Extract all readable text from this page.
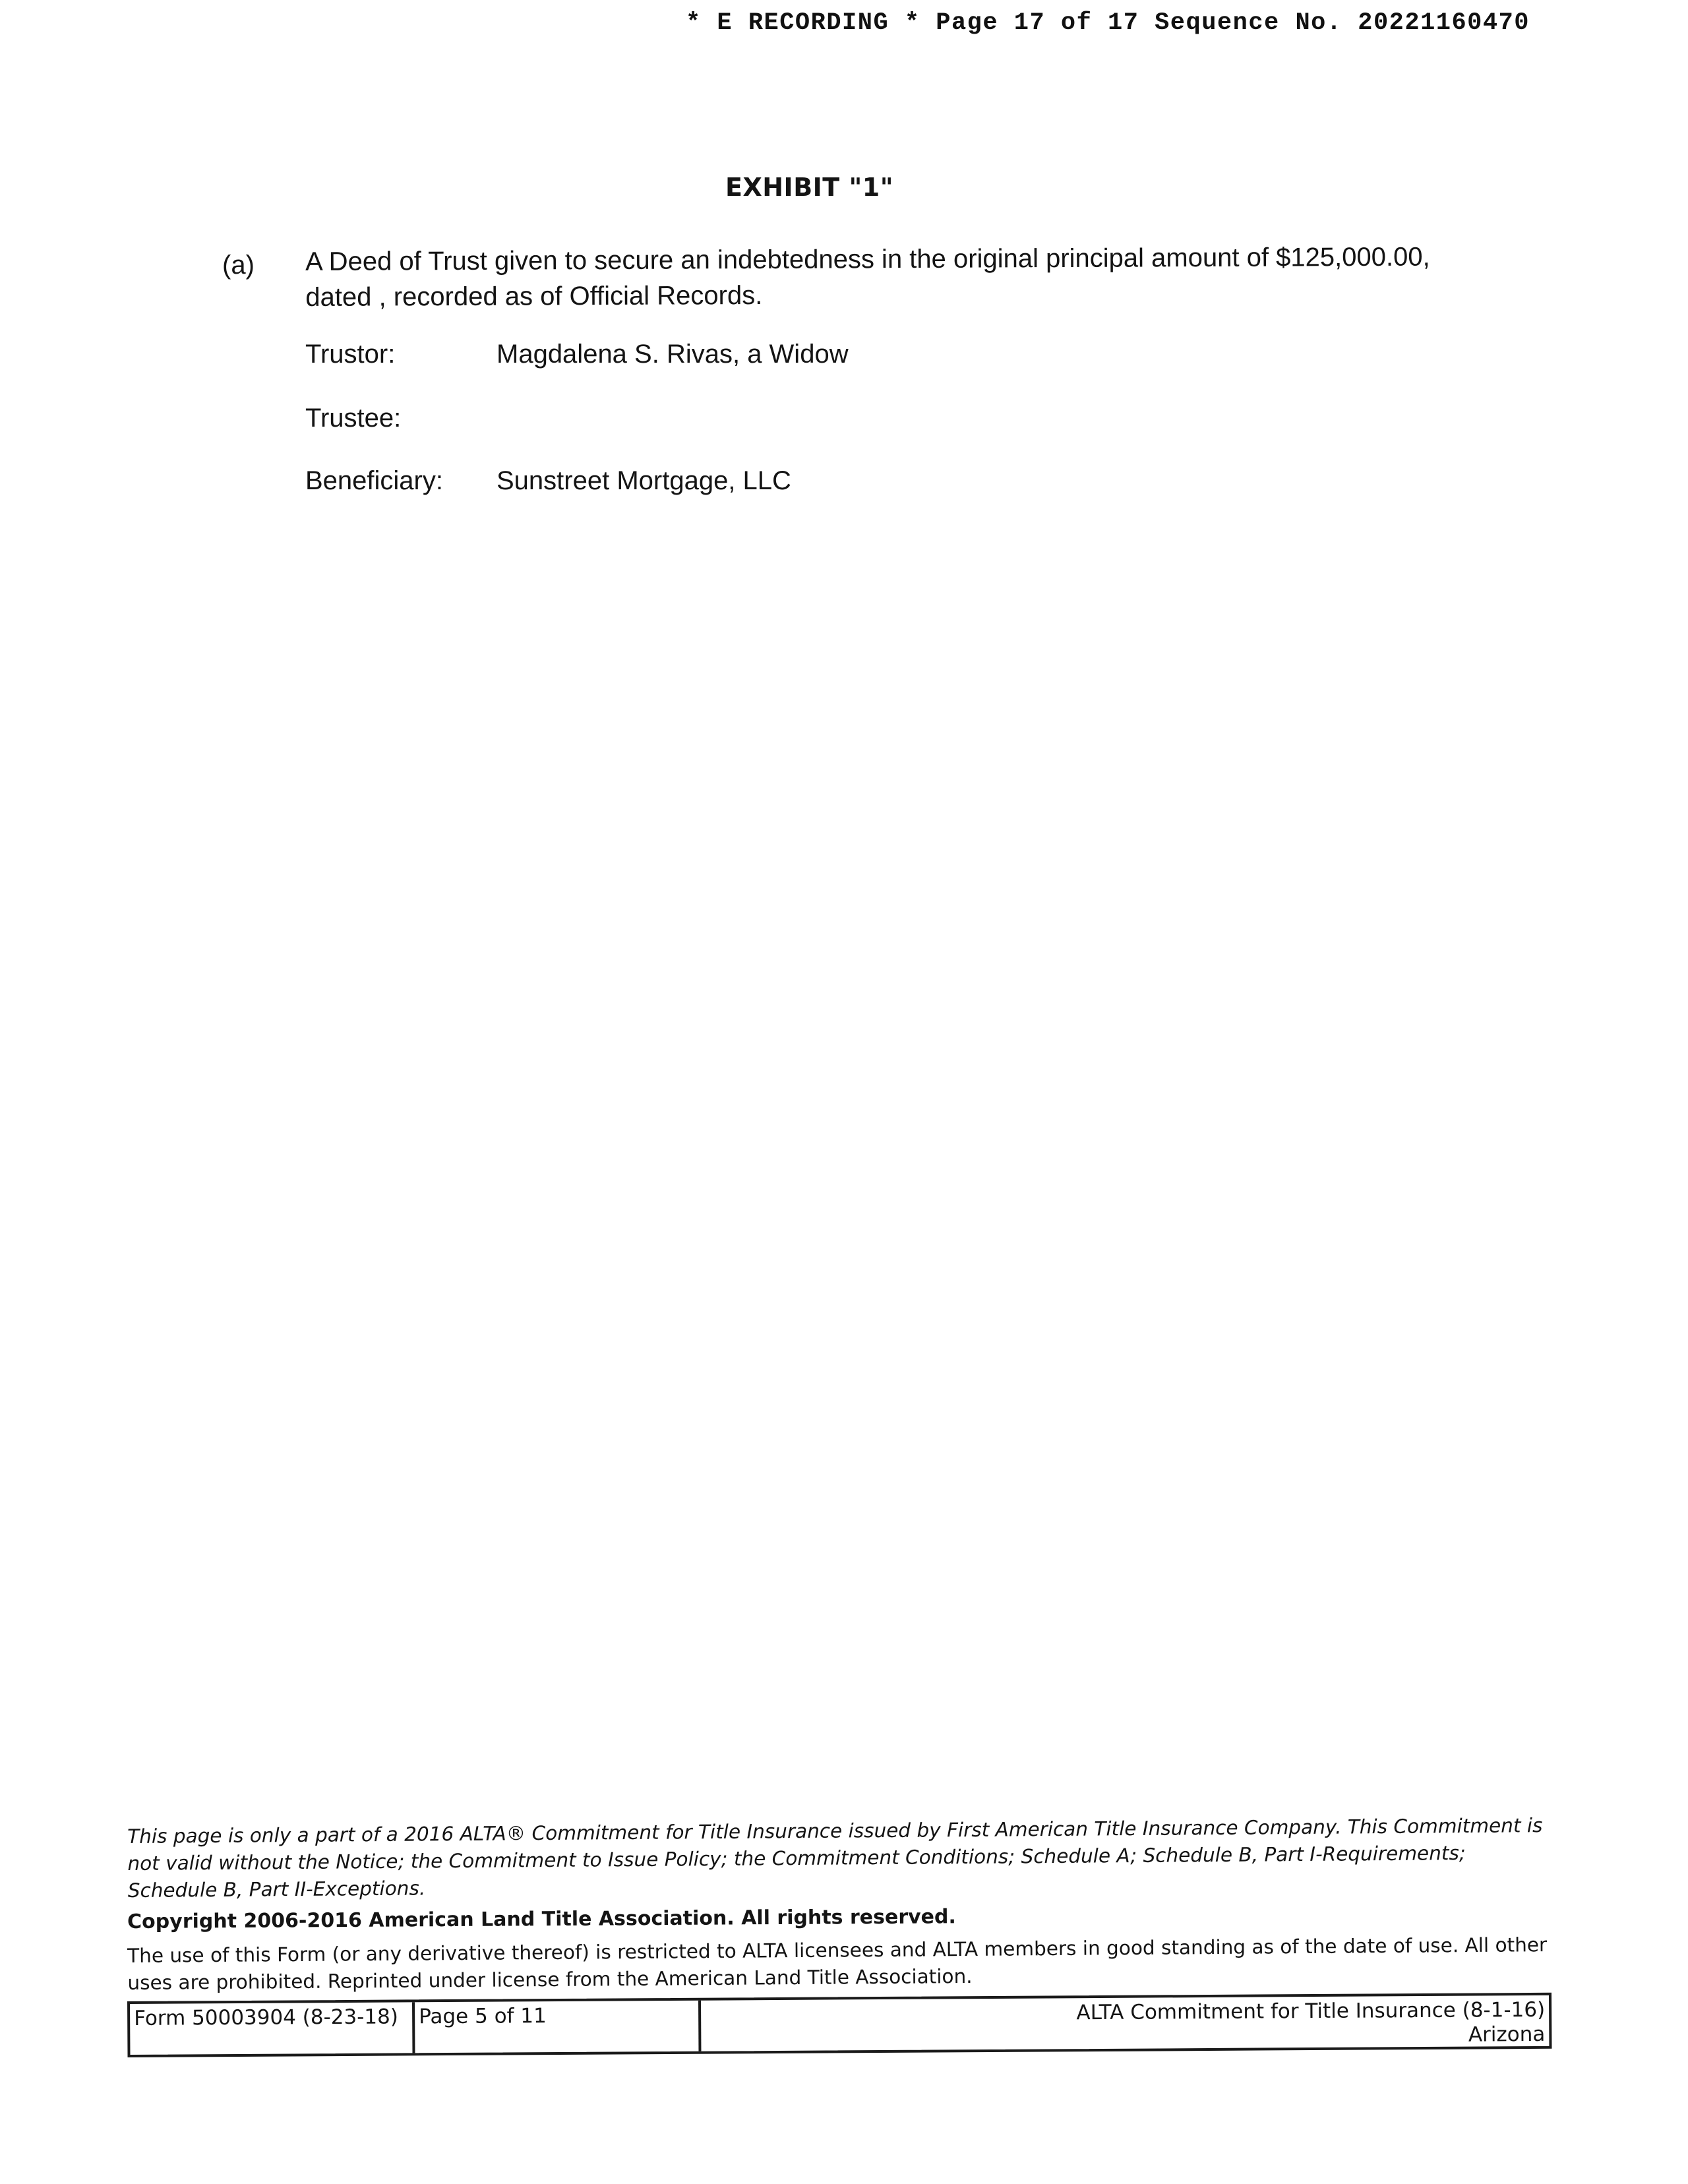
* E RECORDING * Page 17 of 17 Sequence No. 20221160470
EXHIBIT "1"
(a) A Deed of Trust given to secure an indebtedness in the original principal amount of $125,000.00, dated , recorded as of Official Records.
Trustor:	Magdalena S. Rivas, a Widow
Trustee:
Beneficiary:	Sunstreet Mortgage, LLC
This page is only a part of a 2016 ALTA® Commitment for Title Insurance issued by First American Title Insurance Company. This Commitment is not valid without the Notice; the Commitment to Issue Policy; the Commitment Conditions; Schedule A; Schedule B, Part I-Requirements; Schedule B, Part II-Exceptions.
Copyright 2006-2016 American Land Title Association. All rights reserved.
The use of this Form (or any derivative thereof) is restricted to ALTA licensees and ALTA members in good standing as of the date of use. All other uses are prohibited. Reprinted under license from the American Land Title Association.
Form 50003904 (8-23-18)	Page 5 of 11	ALTA Commitment for Title Insurance (8-1-16)
Arizona
